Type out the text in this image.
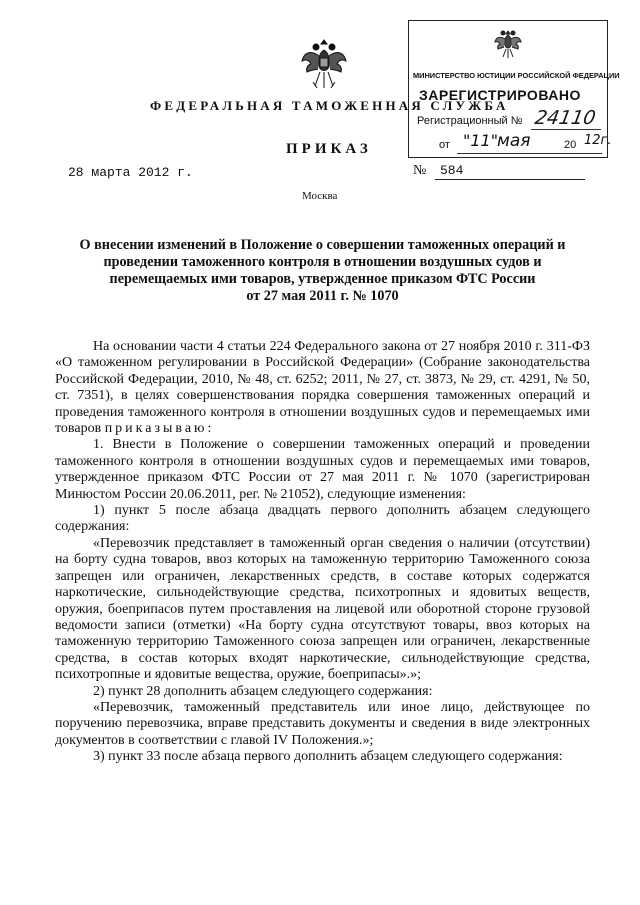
МИНИСТЕРСТВО ЮСТИЦИИ РОССИЙСКОЙ ФЕДЕРАЦИИ
ЗАРЕГИСТРИРОВАНО
Регистрационный № 24110
от "11"
мая	20 12г.
ФЕДЕРАЛЬНАЯ ТАМОЖЕННАЯ СЛУЖБА
ПРИКАЗ
28 марта 2012 г.	№ 584
Москва
О внесении изменений в Положение о совершении таможенных операций и
проведении таможенного контроля в отношении воздушных судов и
перемещаемых ими товаров, утвержденное приказом ФТС России
от 27 мая 2011 г. № 1070

На основании части 4 статьи 224 Федерального закона от 27 ноября 2010 г. 311-ФЗ «О таможенном регулировании в Российской Федерации» (Собрание законодательства Российской Федерации, 2010, № 48, ст. 6252; 2011, № 27, ст. 3873, № 29, ст. 4291, № 50, ст. 7351), в целях совершенствования порядка совершения таможенных операций и проведения таможенного контроля в отношении воздушных судов и перемещаемых ими товаров приказываю:

1. Внести в Положение о совершении таможенных операций и проведении таможенного контроля в отношении воздушных судов и перемещаемых ими товаров, утвержденное приказом ФТС России от 27 мая 2011 г. № 1070 (зарегистрирован Минюстом России 20.06.2011, рег. № 21052), следующие изменения:

1) пункт 5 после абзаца двадцать первого дополнить абзацем следующего содержания:

«Перевозчик представляет в таможенный орган сведения о наличии (отсутствии) на борту судна товаров, ввоз которых на таможенную территорию Таможенного союза запрещен или ограничен, лекарственных средств, в составе которых содержатся наркотические, сильнодействующие средства, психотропных и ядовитых веществ, оружия, боеприпасов путем проставления на лицевой или оборотной стороне грузовой ведомости записи (отметки) «На борту судна отсутствуют товары, ввоз которых на таможенную территорию Таможенного союза запрещен или ограничен, лекарственные средства, в состав которых входят наркотические, сильнодействующие средства, психотропные и ядовитые вещества, оружие, боеприпасы».»;

2) пункт 28 дополнить абзацем следующего содержания:

«Перевозчик, таможенный представитель или иное лицо, действующее по поручению перевозчика, вправе представить документы и сведения в виде электронных документов в соответствии с главой IV Положения.»;

3) пункт 33 после абзаца первого дополнить абзацем следующего содержания:
